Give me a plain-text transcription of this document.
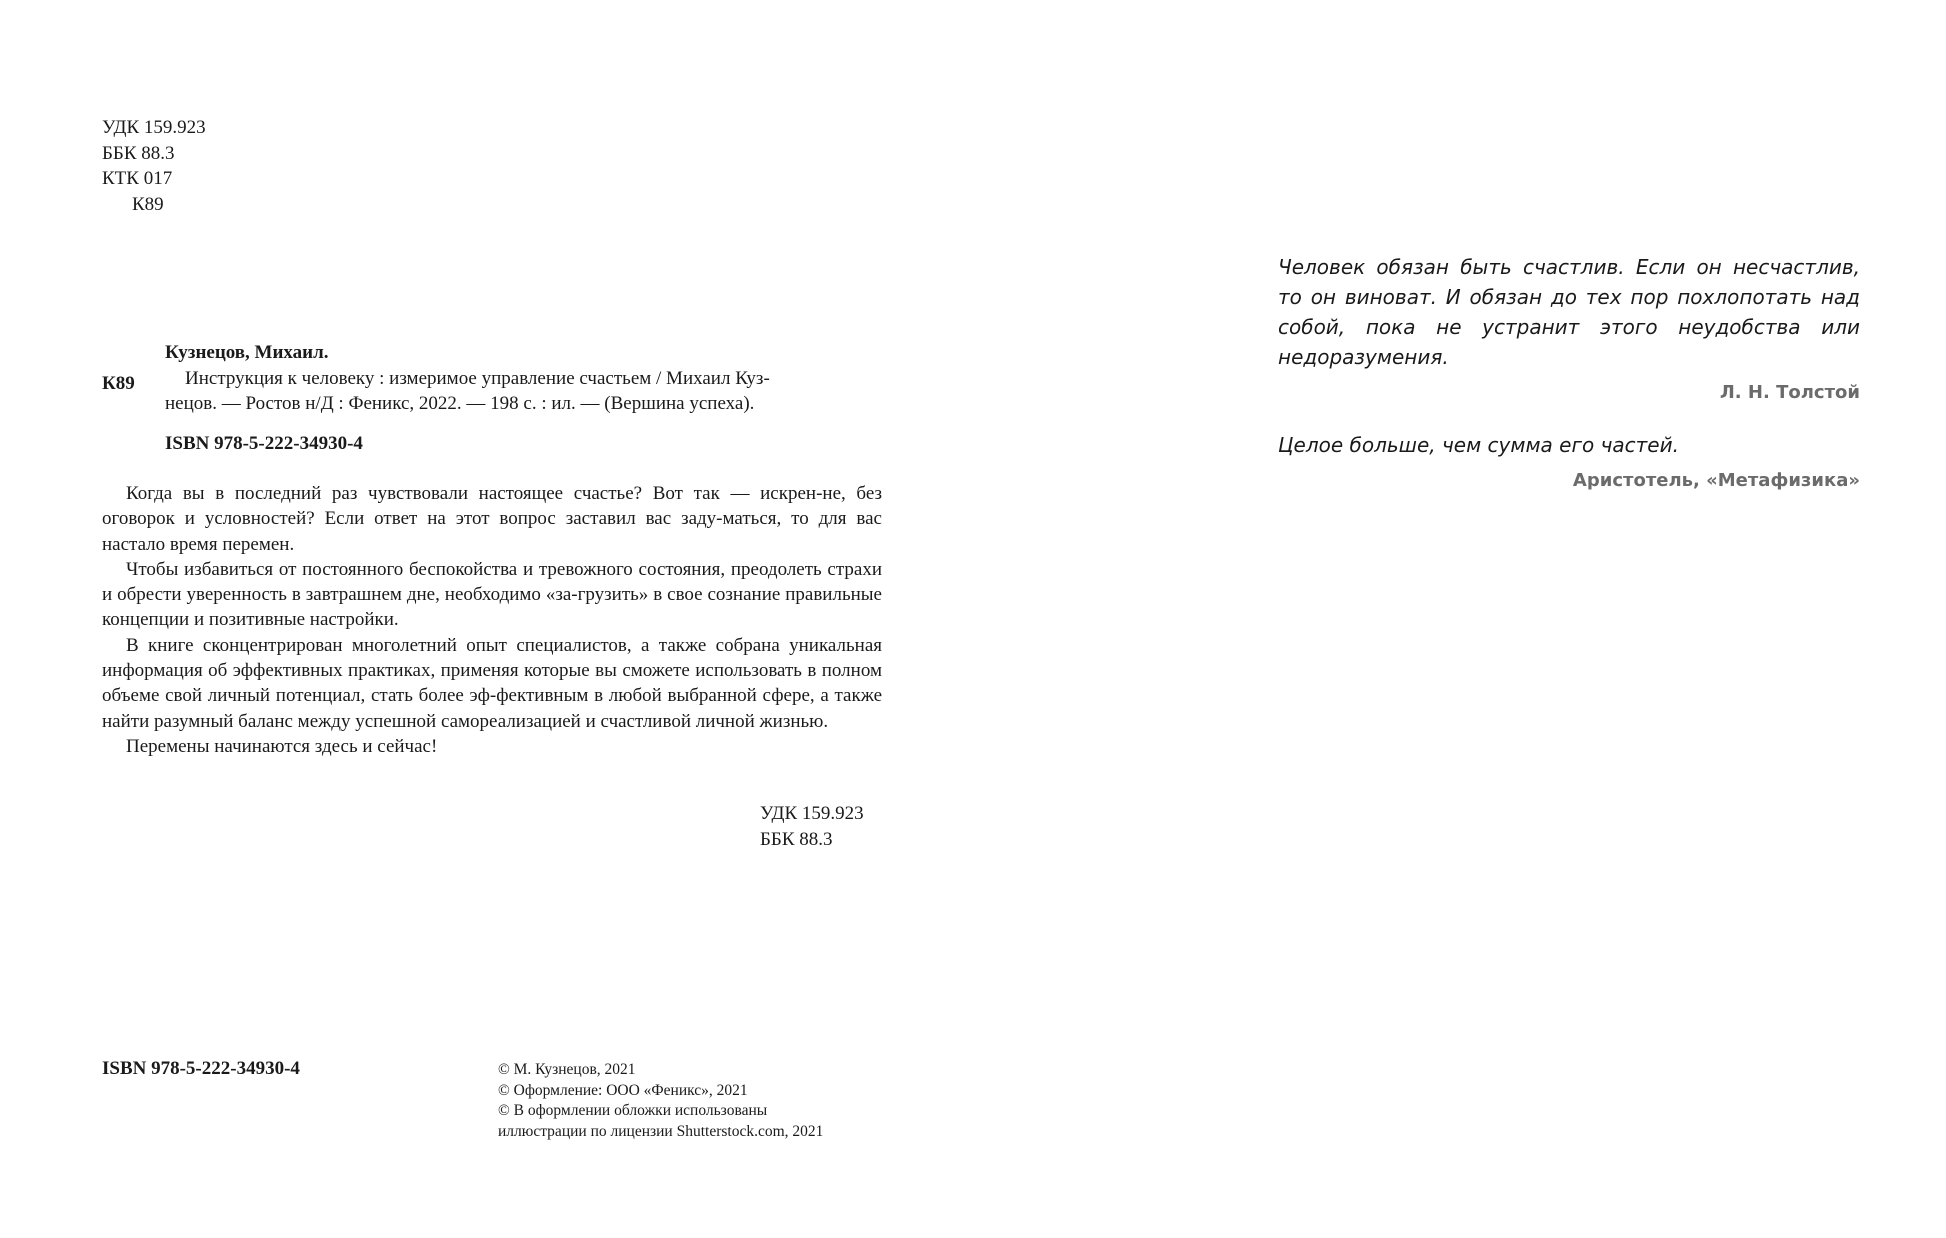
УДК 159.923
ББК 88.3
КТК 017
К89
Кузнецов, Михаил.
К89	Инструкция к человеку : измеримое управление счастьем / Михаил Куз-
нецов. — Ростов н/Д : Феникс, 2022. — 198 с. : ил. — (Вершина успеха).
ISBN 978-5-222-34930-4

Когда вы в последний раз чувствовали настоящее счастье? Вот так — искрен-не, без оговорок и условностей? Если ответ на этот вопрос заставил вас заду-маться, то для вас настало время перемен.

Чтобы избавиться от постоянного беспокойства и тревожного состояния, преодолеть страхи и обрести уверенность в завтрашнем дне, необходимо «за-грузить» в свое сознание правильные концепции и позитивные настройки.

В книге сконцентрирован многолетний опыт специалистов, а также собрана уникальная информация об эффективных практиках, применяя которые вы сможете использовать в полном объеме свой личный потенциал, стать более эф-фективным в любой выбранной сфере, а также найти разумный баланс между успешной самореализацией и счастливой личной жизнью.

Перемены начинаются здесь и сейчас!

УДК 159.923
ББК 88.3
ISBN 978-5-222-34930-4	© М. Кузнецов, 2021
© Оформление: ООО «Феникс», 2021
© В оформлении обложки использованы
иллюстрации по лицензии Shutterstock.com, 2021
Человек обязан быть счастлив. Если он несчастлив, то он виноват. И обязан до тех пор похлопотать над собой, пока не устранит этого неудобства или недоразумения.
Л. Н. Толстой
Целое больше, чем сумма его частей.
Аристотель, «Метафизика»
